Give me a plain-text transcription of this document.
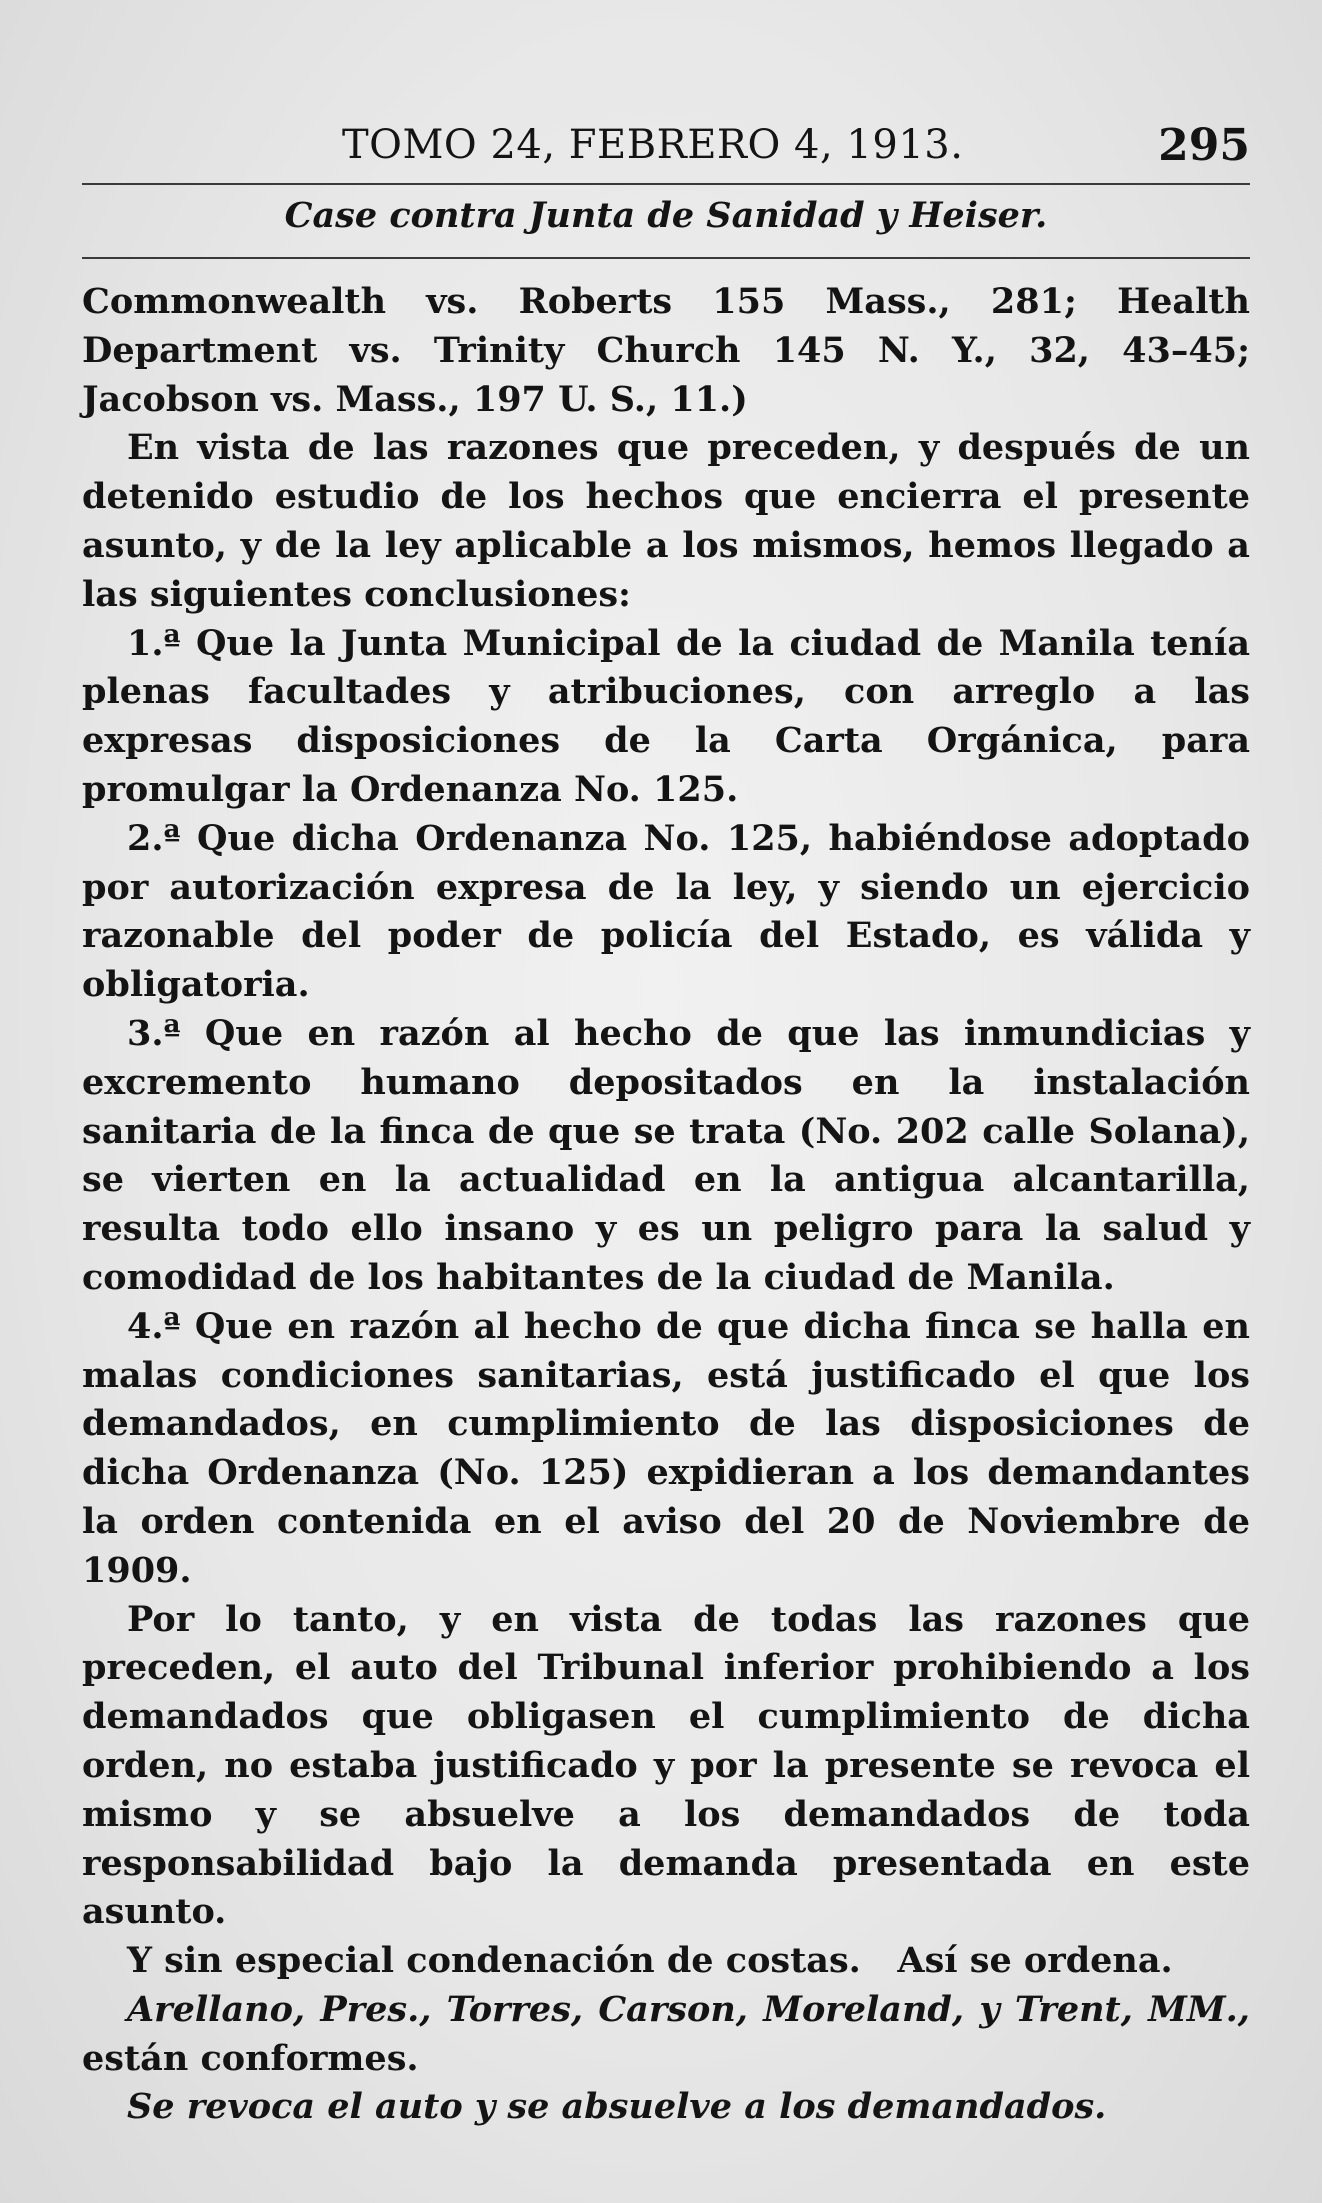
TOMO 24, FEBRERO 4, 1913.	295
Case contra Junta de Sanidad y Heiser.

Commonwealth vs. Roberts 155 Mass., 281; Health Department vs. Trinity Church 145 N. Y., 32, 43–45; Jacobson vs. Mass., 197 U. S., 11.)

En vista de las razones que preceden, y después de un detenido estudio de los hechos que encierra el presente asunto, y de la ley aplicable a los mismos, hemos llegado a las siguientes conclusiones:

1.ª Que la Junta Municipal de la ciudad de Manila tenía plenas facultades y atribuciones, con arreglo a las expresas disposiciones de la Carta Orgánica, para promulgar la Ordenanza No. 125.

2.ª Que dicha Ordenanza No. 125, habiéndose adoptado por autorización expresa de la ley, y siendo un ejercicio razonable del poder de policía del Estado, es válida y obligatoria.

3.ª Que en razón al hecho de que las inmundicias y excremento humano depositados en la instalación sanitaria de la finca de que se trata (No. 202 calle Solana), se vierten en la actualidad en la antigua alcantarilla, resulta todo ello insano y es un peligro para la salud y comodidad de los habitantes de la ciudad de Manila.

4.ª Que en razón al hecho de que dicha finca se halla en malas condiciones sanitarias, está justificado el que los demandados, en cumplimiento de las disposiciones de dicha Ordenanza (No. 125) expidieran a los demandantes la orden contenida en el aviso del 20 de Noviembre de 1909.

Por lo tanto, y en vista de todas las razones que preceden, el auto del Tribunal inferior prohibiendo a los demandados que obligasen el cumplimiento de dicha orden, no estaba justificado y por la presente se revoca el mismo y se absuelve a los demandados de toda responsabilidad bajo la demanda presentada en este asunto.

Y sin especial condenación de costas.   Así se ordena.

Arellano, Pres., Torres, Carson, Moreland, y Trent, MM., están conformes.

Se revoca el auto y se absuelve a los demandados.
